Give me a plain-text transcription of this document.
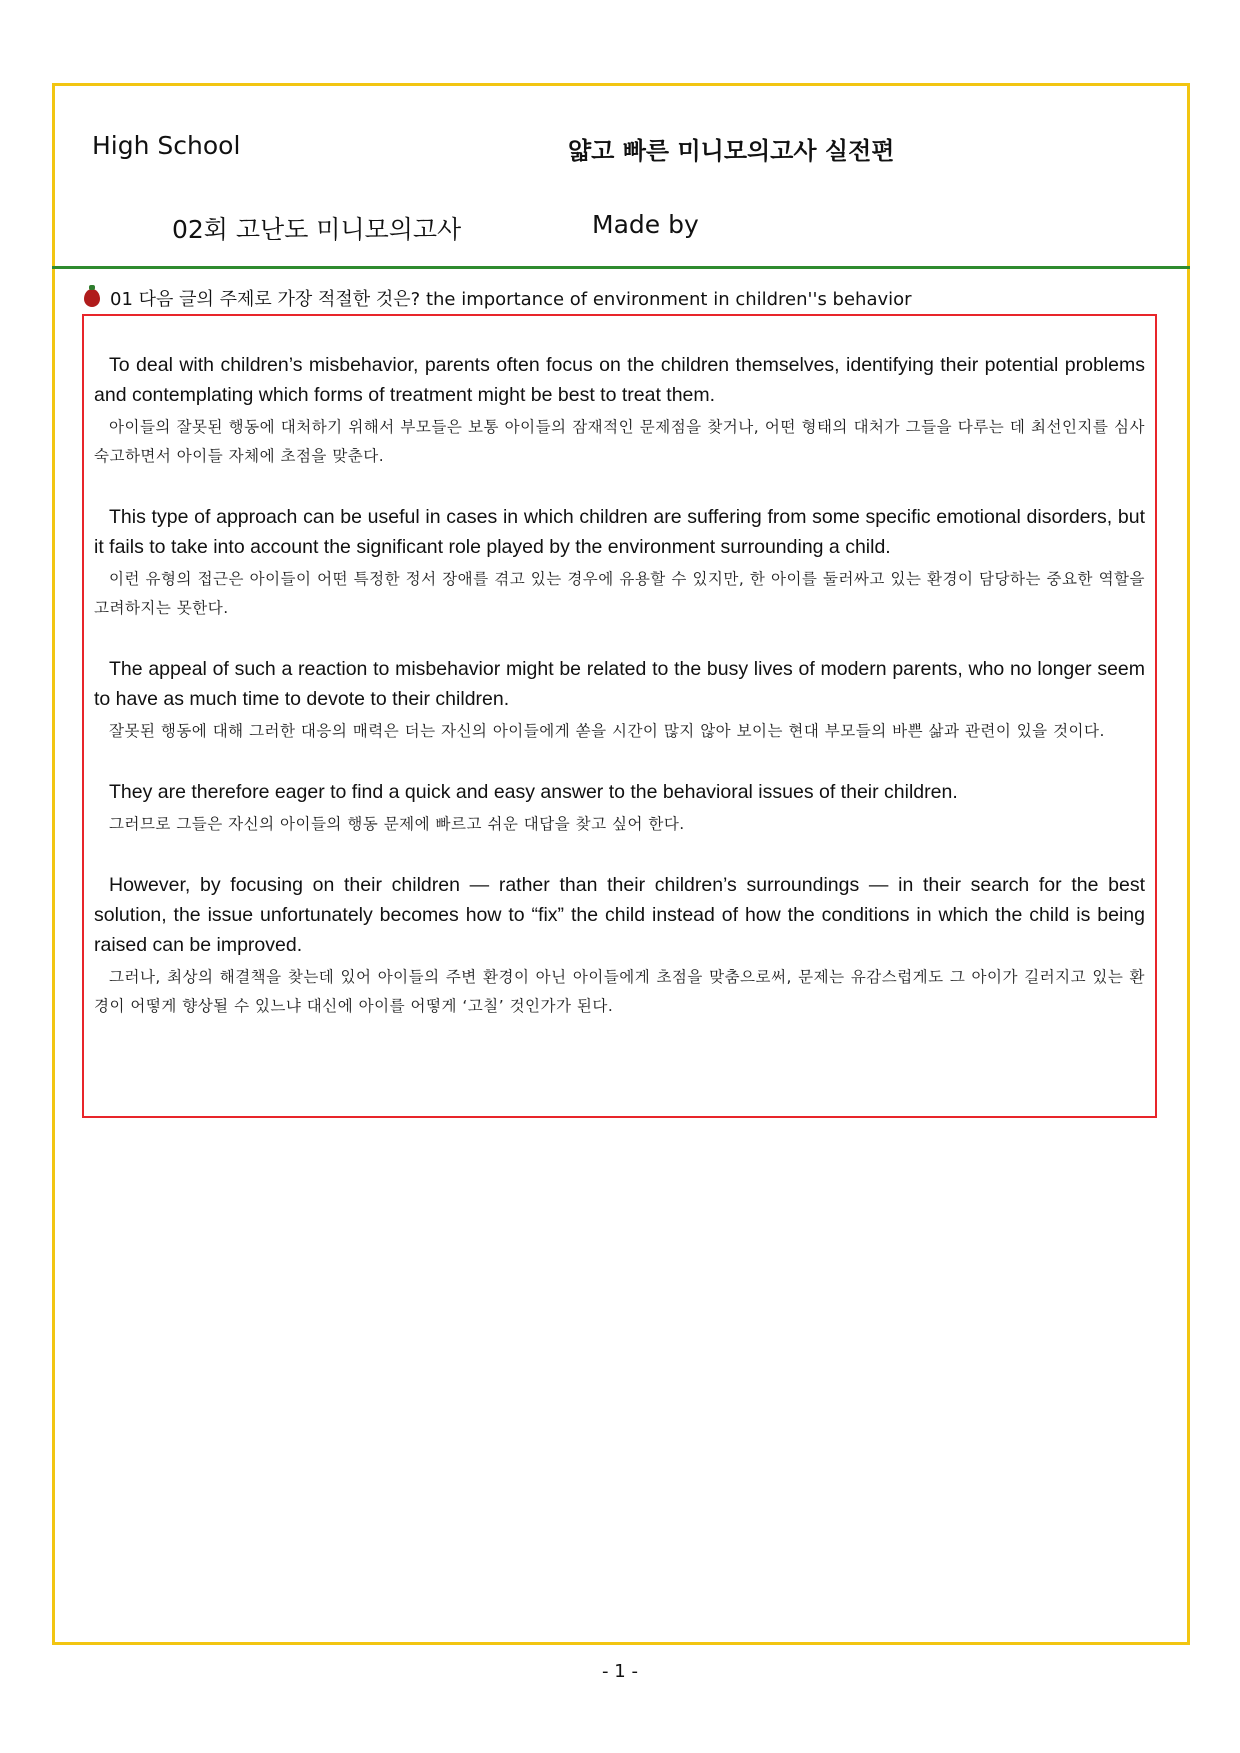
High School	얇고 빠른 미니모의고사 실전편
02회 고난도 미니모의고사	Made by
01 다음 글의 주제로 가장 적절한 것은? the importance of environment in children''s behavior

To deal with children’s misbehavior, parents often focus on the children themselves, identifying their potential problems and contemplating which forms of treatment might be best to treat them.

아이들의 잘못된 행동에 대처하기 위해서 부모들은 보통 아이들의 잠재적인 문제점을 찾거나, 어떤 형태의 대처가 그들을 다루는 데 최선인지를 심사숙고하면서 아이들 자체에 초점을 맞춘다.

This type of approach can be useful in cases in which children are suffering from some specific emotional disorders, but it fails to take into account the significant role played by the environment surrounding a child.

이런 유형의 접근은 아이들이 어떤 특정한 정서 장애를 겪고 있는 경우에 유용할 수 있지만, 한 아이를 둘러싸고 있는 환경이 담당하는 중요한 역할을 고려하지는 못한다.

The appeal of such a reaction to misbehavior might be related to the busy lives of modern parents, who no longer seem to have as much time to devote to their children.

잘못된 행동에 대해 그러한 대응의 매력은 더는 자신의 아이들에게 쏟을 시간이 많지 않아 보이는 현대 부모들의 바쁜 삶과 관련이 있을 것이다.

They are therefore eager to find a quick and easy answer to the behavioral issues of their children.

그러므로 그들은 자신의 아이들의 행동 문제에 빠르고 쉬운 대답을 찾고 싶어 한다.

However, by focusing on their children — rather than their children’s surroundings — in their search for the best solution, the issue unfortunately becomes how to “fix” the child instead of how the conditions in which the child is being raised can be improved.

그러나, 최상의 해결책을 찾는데 있어 아이들의 주변 환경이 아닌 아이들에게 초점을 맞춤으로써, 문제는 유감스럽게도 그 아이가 길러지고 있는 환경이 어떻게 향상될 수 있느냐 대신에 아이를 어떻게 ‘고칠’ 것인가가 된다.

- 1 -
